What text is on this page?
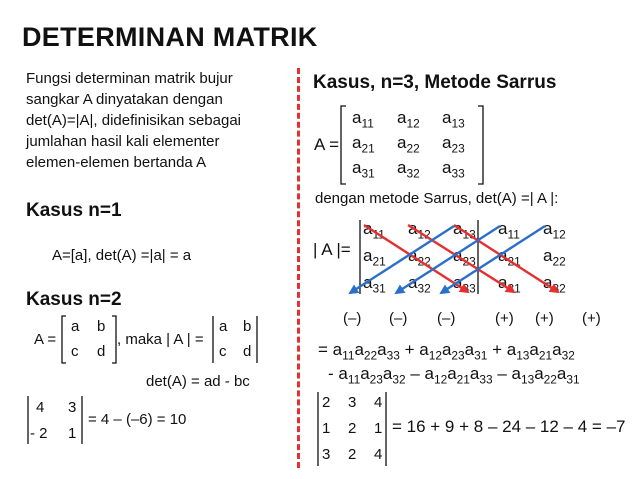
DETERMINAN MATRIK
Fungsi determinan matrik bujur
sangkar A dinyatakan dengan
det(A)=|A|, didefinisikan sebagai
jumlahan hasil kali elementer
elemen-elemen bertanda A
Kasus n=1
A=[a], det(A) =|a| = a
Kasus n=2
A =
a b
c d
, maka | A | =
a b
c d
det(A) = ad - bc
4 3
- 2 1
= 4 – (–6) = 10
Kasus, n=3, Metode Sarrus
A =
$a_{11}$ $a_{12}$ $a_{13}$
$a_{21}$ $a_{22}$ $a_{23}$
$a_{31}$ $a_{32}$ $a_{33}$
dengan metode Sarrus, det(A) =| A |:
| A |=
$a_{11}$ $a_{12}$ $a_{13}$ $a_{11}$ $a_{12}$
$a_{21}$ $a_{22}$ $a_{23}$ $a_{21}$ $a_{22}$
$a_{31}$ $a_{32}$ $a_{33}$ $a_{31}$ $a_{32}$
(–) (–) (–)	(+) (+) (+)
= $a_{11}a_{22}a_{33} + a_{12}a_{23}a_{31} + a_{13}a_{21}a_{32}$
- $a_{11}a_{23}a_{32} - a_{12}a_{21}a_{33} - a_{13}a_{22}a_{31}$
2 3 4
1 2 1
3 2 4
= 16 + 9 + 8 – 24 – 12 – 4 = –7
